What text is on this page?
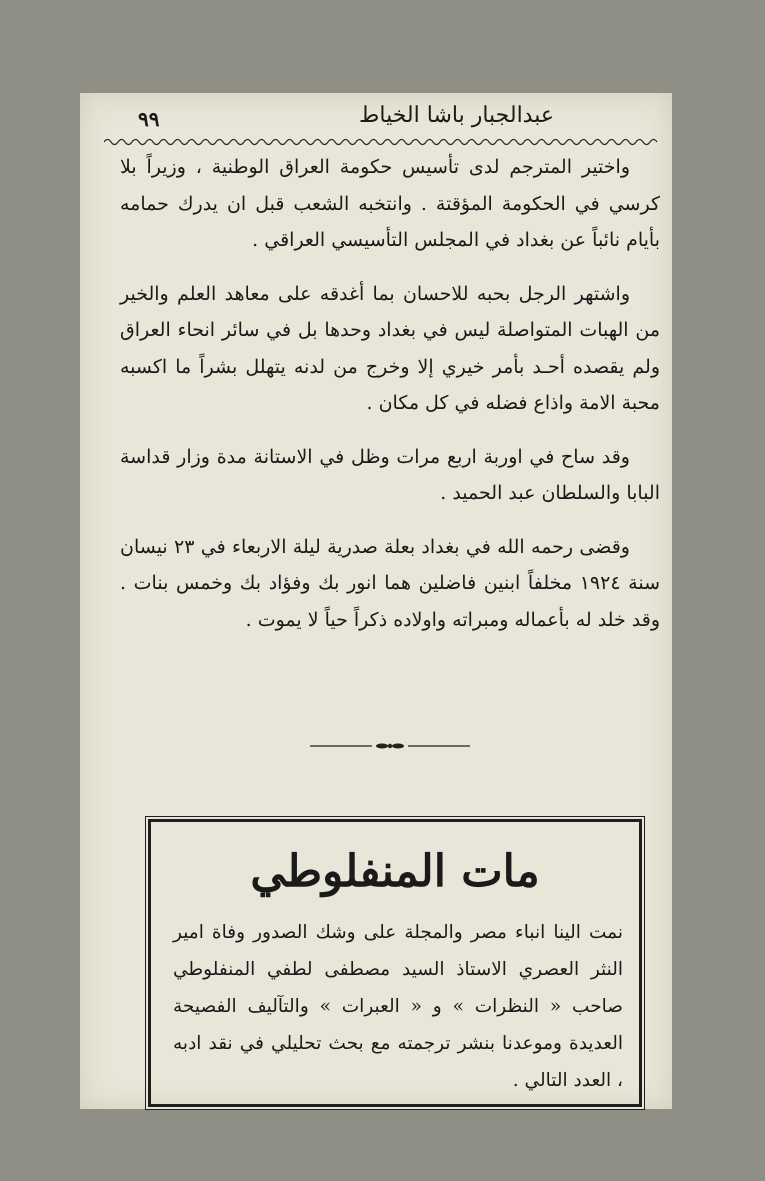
٩٩	عبدالجبار باشا الخياط

واختير المترجم لدى تأسيس حكومة العراق الوطنية ، وزيراً بلا كرسي في الحكومة المؤقتة . وانتخبه الشعب قبل ان يدرك حمامه بأيام نائباً عن بغداد في المجلس التأسيسي العراقي .

واشتهر الرجل بحبه للاحسان بما أغدقه على معاهد العلم والخير من الهبات المتواصلة ليس في بغداد وحدها بل في سائر انحاء العراق ولم يقصده أحـد بأمر خيري إلا وخرج من لدنه يتهلل بشراً ما اكسبه محبة الامة واذاع فضله في كل مكان .

وقد ساح في اوربة اربع مرات وظل في الاستانة مدة وزار قداسة البابا والسلطان عبد الحميد .

وقضى رحمه الله في بغداد بعلة صدرية ليلة الاربعاء في ٢٣ نيسان سنة ١٩٢٤ مخلفاً ابنين فاضلين هما انور بك وفؤاد بك وخمس بنات . وقد خلد له بأعماله ومبراته واولاده ذكراً حياً لا يموت .

مات المنفلوطي
نمت الينا انباء مصر والمجلة على وشك الصدور وفاة امير النثر العصري الاستاذ السيد مصطفى لطفي المنفلوطي صاحب « النظرات » و « العبرات » والتآليف الفصيحة العديدة وموعدنا بنشر ترجمته مع بحث تحليلي في نقد ادبه ، العدد التالي .
